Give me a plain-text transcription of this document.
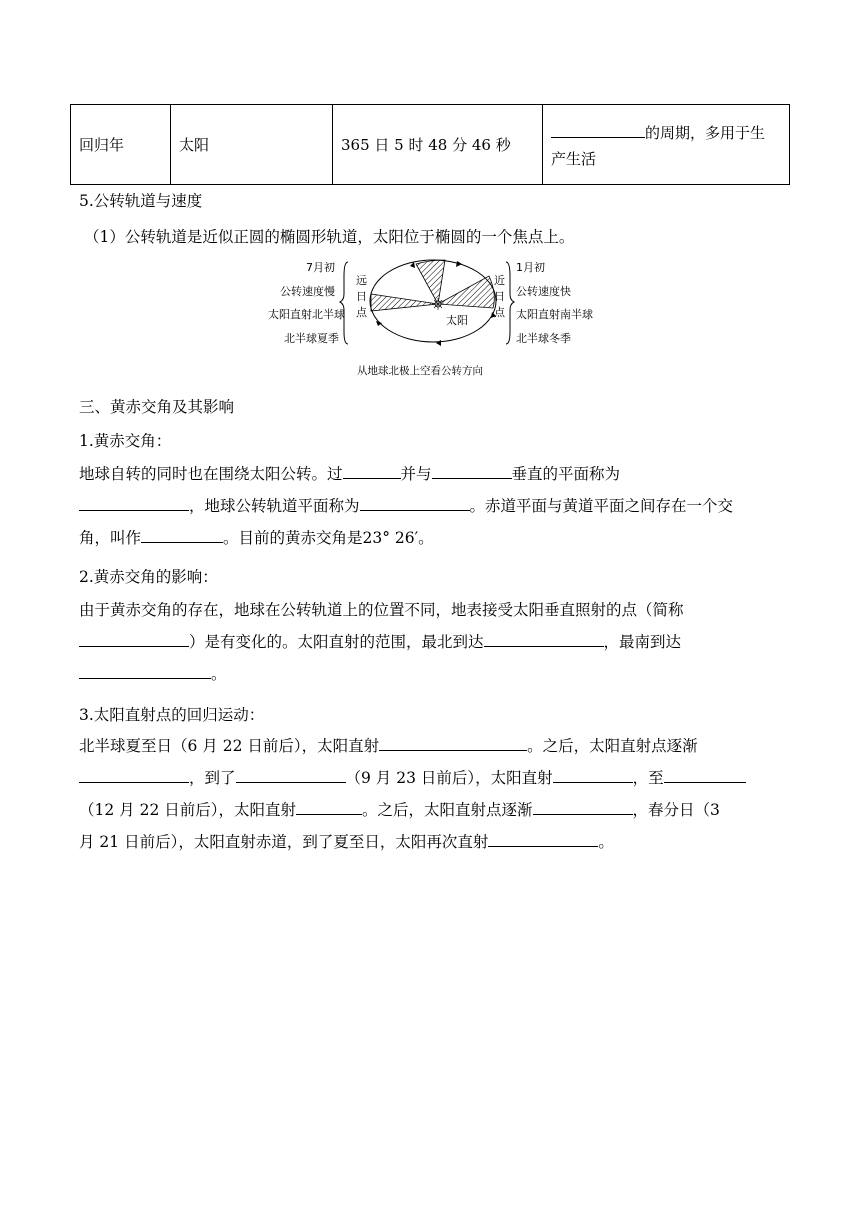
回归年	太阳	365 日 5 时 48 分 46 秒	的周期，多用于生
产生活
5.公转轨道与速度
（1）公转轨道是近似正圆的椭圆形轨道，太阳位于椭圆的一个焦点上。
7月初
公转速度慢
太阳直射北半球
北半球夏季
远
日
点
太阳
近
日
点
1月初
公转速度快
太阳直射南半球
北半球冬季
从地球北极上空看公转方向
三、黄赤交角及其影响
1.黄赤交角：
地球自转的同时也在围绕太阳公转。过	并与	垂直的平面称为
，地球公转轨道平面称为	。赤道平面与黄道平面之间存在一个交
角，叫作	。目前的黄赤交角是23° 26′。
2.黄赤交角的影响：
由于黄赤交角的存在，地球在公转轨道上的位置不同，地表接受太阳垂直照射的点（简称
）是有变化的。太阳直射的范围，最北到达	，最南到达
。
3.太阳直射点的回归运动：
北半球夏至日（6 月 22 日前后），太阳直射	。之后，太阳直射点逐渐
，到了	（9 月 23 日前后），太阳直射	，至
（12 月 22 日前后），太阳直射	。之后，太阳直射点逐渐	，春分日（3
月 21 日前后），太阳直射赤道，到了夏至日，太阳再次直射	。
